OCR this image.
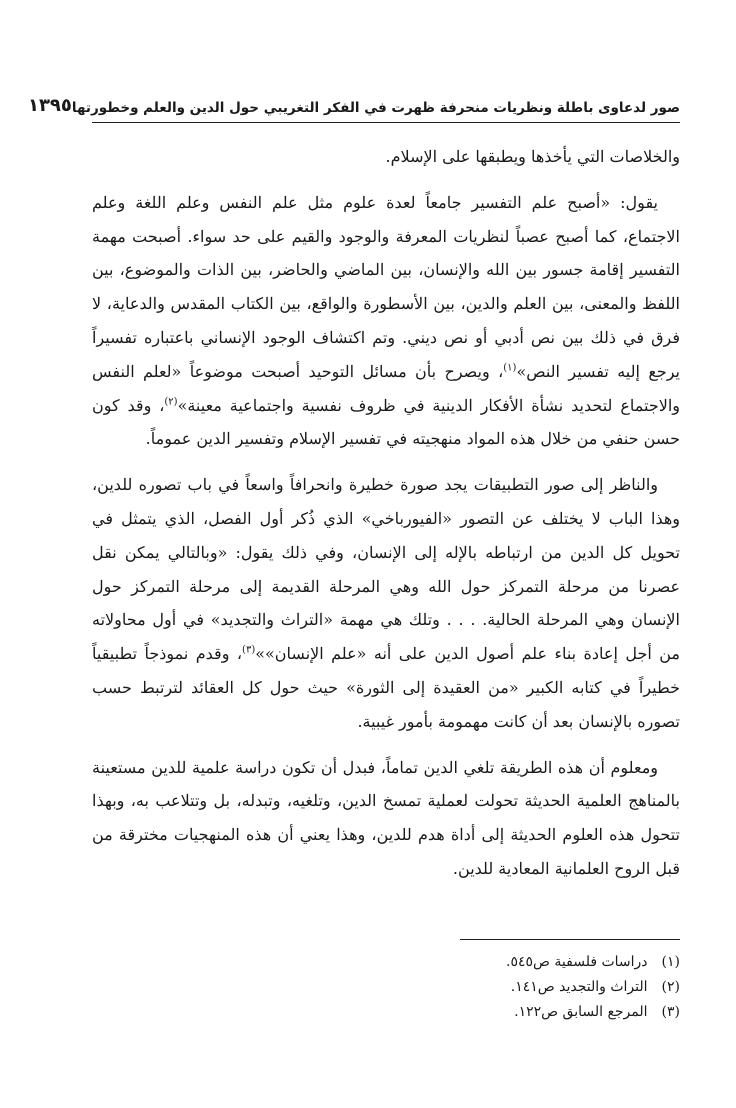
صور لدعاوى باطلة ونظريات منحرفة ظهرت في الفكر التغريبي حول الدين والعلم وخطورتها
١٣٩٥

والخلاصات التي يأخذها ويطبقها على الإسلام.

يقول: «أصبح علم التفسير جامعاً لعدة علوم مثل علم النفس وعلم اللغة وعلم الاجتماع، كما أصبح عصباً لنظريات المعرفة والوجود والقيم على حد سواء. أصبحت مهمة التفسير إقامة جسور بين الله والإنسان، بين الماضي والحاضر، بين الذات والموضوع، بين اللفظ والمعنى، بين العلم والدين، بين الأسطورة والواقع، بين الكتاب المقدس والدعاية، لا فرق في ذلك بين نص أدبي أو نص ديني. وتم اكتشاف الوجود الإنساني باعتباره تفسيراً يرجع إليه تفسير النص»$^{(١)}$، ويصرح بأن مسائل التوحيد أصبحت موضوعاً «لعلم النفس والاجتماع لتحديد نشأة الأفكار الدينية في ظروف نفسية واجتماعية معينة»$^{(٢)}$، وقد كون حسن حنفي من خلال هذه المواد منهجيته في تفسير الإسلام وتفسير الدين عموماً.

والناظر إلى صور التطبيقات يجد صورة خطيرة وانحرافاً واسعاً في باب تصوره للدين، وهذا الباب لا يختلف عن التصور «الفيورباخي» الذي ذُكر أول الفصل، الذي يتمثل في تحويل كل الدين من ارتباطه بالإله إلى الإنسان، وفي ذلك يقول: «وبالتالي يمكن نقل عصرنا من مرحلة التمركز حول الله وهي المرحلة القديمة إلى مرحلة التمركز حول الإنسان وهي المرحلة الحالية. . . . وتلك هي مهمة «التراث والتجديد» في أول محاولاته من أجل إعادة بناء علم أصول الدين على أنه «علم الإنسان»»$^{(٣)}$، وقدم نموذجاً تطبيقياً خطيراً في كتابه الكبير «من العقيدة إلى الثورة» حيث حول كل العقائد لترتبط حسب تصوره بالإنسان بعد أن كانت مهمومة بأمور غيبية.

ومعلوم أن هذه الطريقة تلغي الدين تماماً، فبدل أن تكون دراسة علمية للدين مستعينة بالمناهج العلمية الحديثة تحولت لعملية تمسخ الدين، وتلغيه، وتبدله، بل وتتلاعب به، وبهذا تتحول هذه العلوم الحديثة إلى أداة هدم للدين، وهذا يعني أن هذه المنهجيات مخترقة من قبل الروح العلمانية المعادية للدين.

(١)
دراسات فلسفية ص٥٤٥.
(٢)
التراث والتجديد ص١٤١.
(٣)
المرجع السابق ص١٢٢.
